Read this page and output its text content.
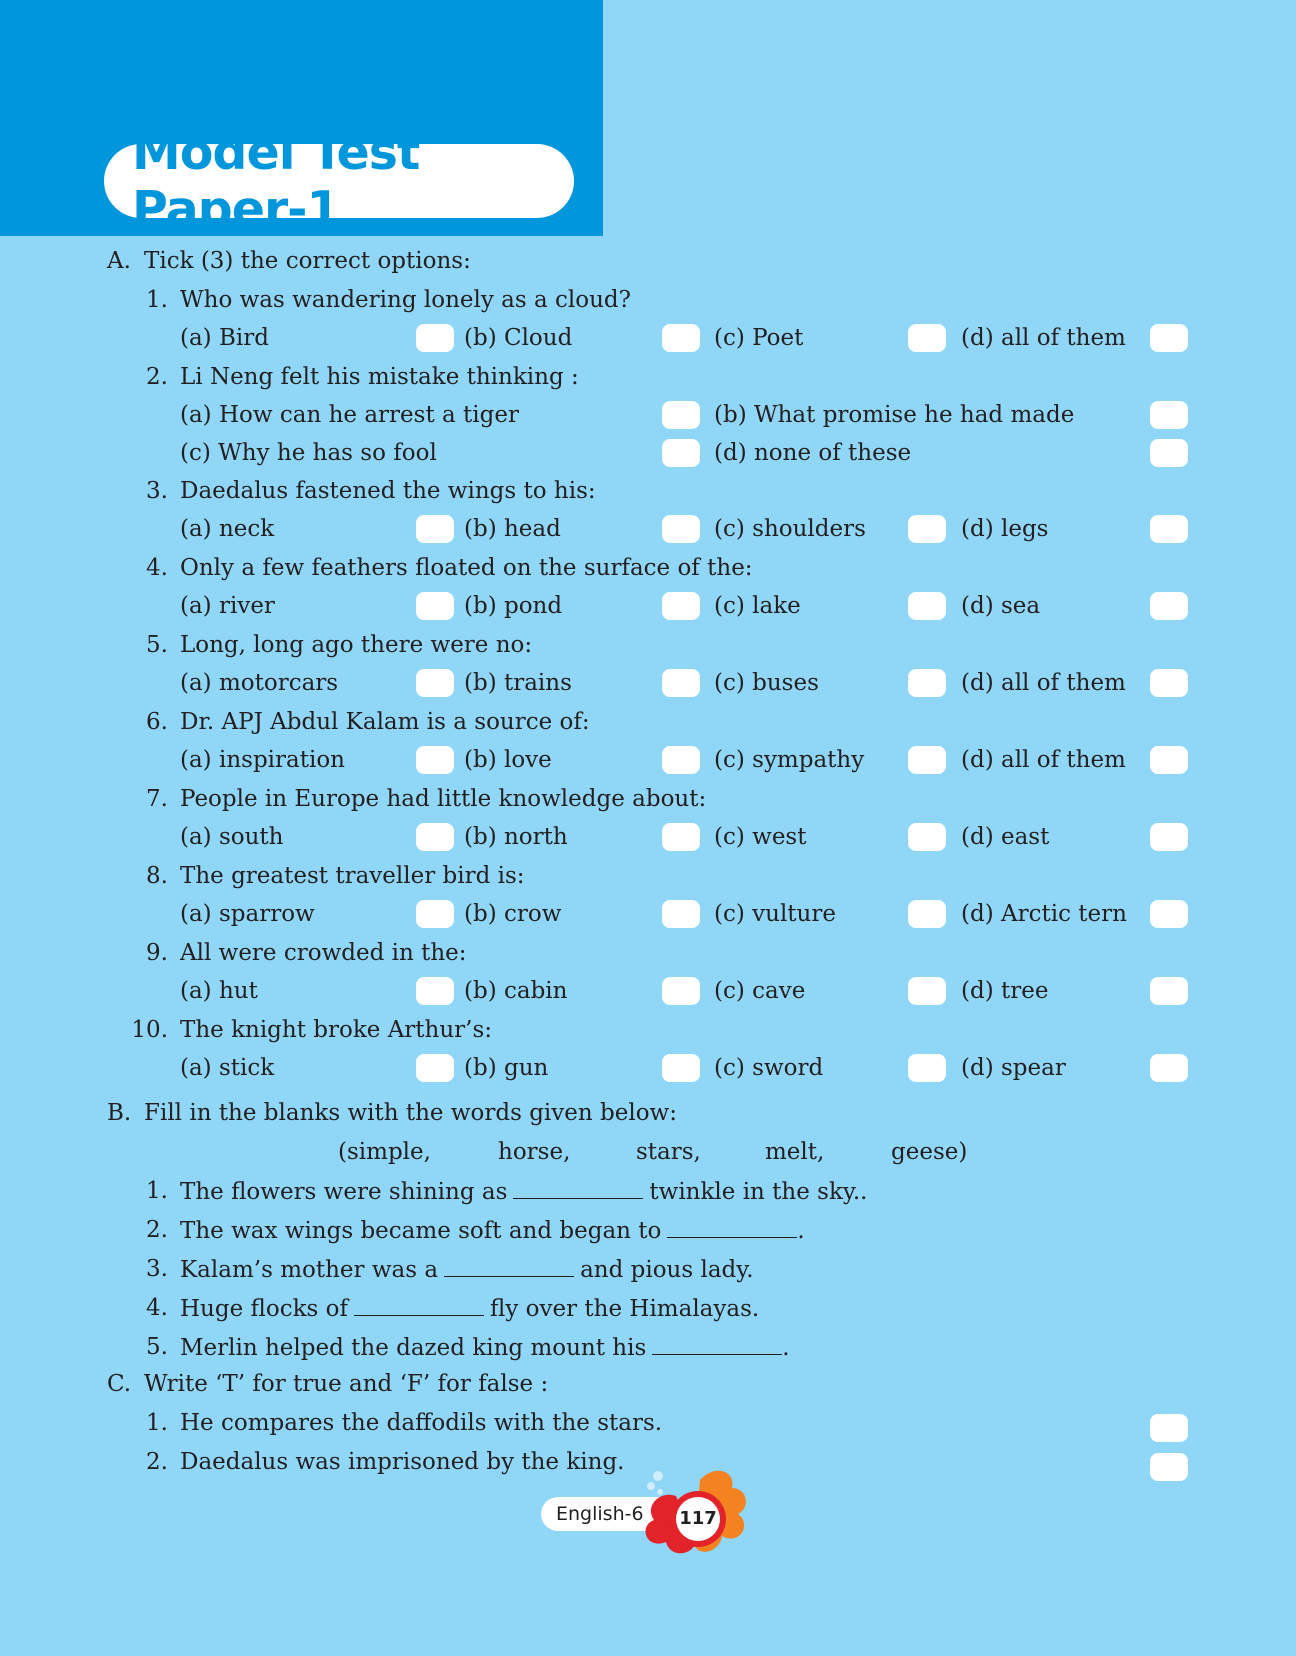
Model Test Paper-1
A. Tick (3) the correct options:
1. Who was wandering lonely as a cloud?
(a) Bird	(b) Cloud	(c) Poet	(d) all of them
2. Li Neng felt his mistake thinking :
(a) How can he arrest a tiger	(b) What promise he had made
(c) Why he has so fool	(d) none of these
3. Daedalus fastened the wings to his:
(a) neck	(b) head	(c) shoulders	(d) legs
4. Only a few feathers floated on the surface of the:
(a) river	(b) pond	(c) lake	(d) sea
5. Long, long ago there were no:
(a) motorcars	(b) trains	(c) buses	(d) all of them
6. Dr. APJ Abdul Kalam is a source of:
(a) inspiration	(b) love	(c) sympathy	(d) all of them
7. People in Europe had little knowledge about:
(a) south	(b) north	(c) west	(d) east
8. The greatest traveller bird is:
(a) sparrow	(b) crow	(c) vulture	(d) Arctic tern
9. All were crowded in the:
(a) hut	(b) cabin	(c) cave	(d) tree
10. The knight broke Arthur’s:
(a) stick	(b) gun	(c) sword	(d) spear
B. Fill in the blanks with the words given below:
(simple,	horse,	stars,	melt,	geese)
1. The flowers were shining as	twinkle in the sky..
2. The wax wings became soft and began to	.
3. Kalam’s mother was a	and pious lady.
4. Huge flocks of	fly over the Himalayas.
5. Merlin helped the dazed king mount his	.
C. Write ‘T’ for true and ‘F’ for false :
1. He compares the daffodils with the stars.
2. Daedalus was imprisoned by the king.
English-6	117
